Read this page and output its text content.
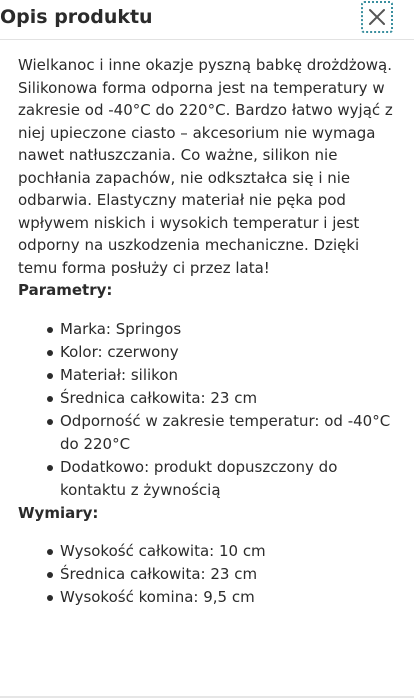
Opis produktu

Wielkanoc i inne okazje pyszną babkę drożdżową. Silikonowa forma odporna jest na temperatury w zakresie od -40°C do 220°C. Bardzo łatwo wyjąć z niej upieczone ciasto – akcesorium nie wymaga nawet natłuszczania. Co ważne, silikon nie pochłania zapachów, nie odkształca się i nie odbarwia. Elastyczny materiał nie pęka pod wpływem niskich i wysokich temperatur i jest odporny na uszkodzenia mechaniczne. Dzięki temu forma posłuży ci przez lata!

Parametry:

Marka: Springos
Kolor: czerwony
Materiał: silikon
Średnica całkowita: 23 cm
Odporność w zakresie temperatur: od -40°C do 220°C
Dodatkowo: produkt dopuszczony do kontaktu z żywnością

Wymiary:

Wysokość całkowita: 10 cm
Średnica całkowita: 23 cm
Wysokość komina: 9,5 cm
